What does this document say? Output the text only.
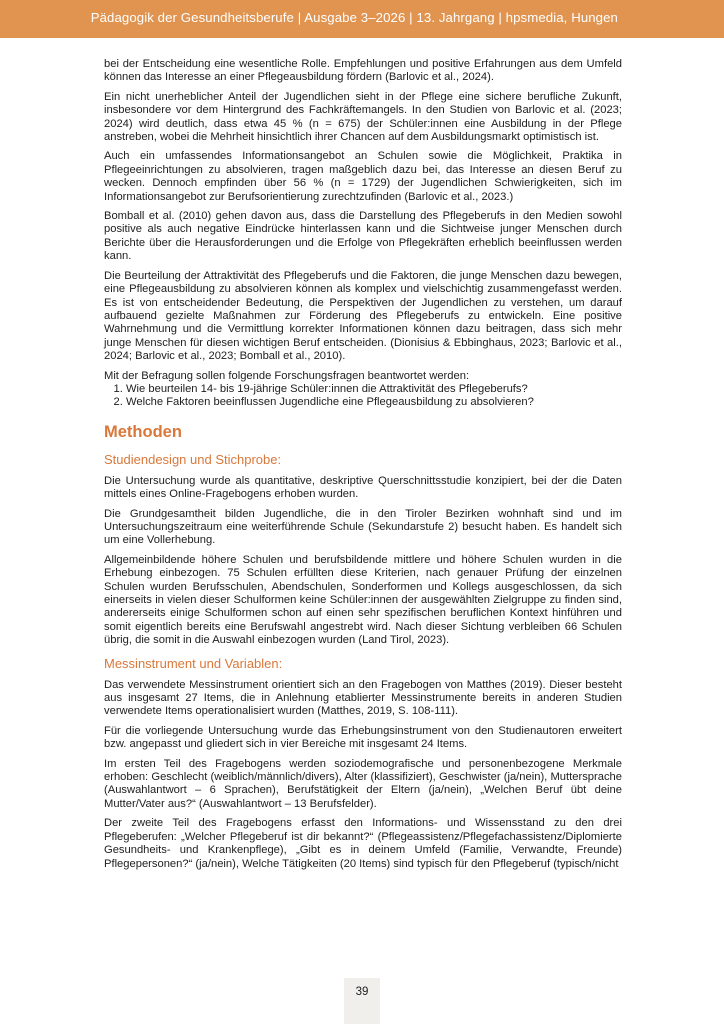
Pädagogik der Gesundheitsberufe | Ausgabe 3–2026 | 13. Jahrgang | hpsmedia, Hungen

bei der Entscheidung eine wesentliche Rolle. Empfehlungen und positive Erfahrungen aus dem Umfeld können das Interesse an einer Pflegeausbildung fördern (Barlovic et al., 2024).

Ein nicht unerheblicher Anteil der Jugendlichen sieht in der Pflege eine sichere berufliche Zukunft, insbesondere vor dem Hintergrund des Fachkräftemangels. In den Studien von Barlovic et al. (2023; 2024) wird deutlich, dass etwa 45 % (n = 675) der Schüler:innen eine Ausbildung in der Pflege anstreben, wobei die Mehrheit hinsichtlich ihrer Chancen auf dem Ausbildungsmarkt optimistisch ist.

Auch ein umfassendes Informationsangebot an Schulen sowie die Möglichkeit, Praktika in Pflegeeinrichtungen zu absolvieren, tragen maßgeblich dazu bei, das Interesse an diesen Beruf zu wecken. Dennoch empfinden über 56 % (n = 1729) der Jugendlichen Schwierigkeiten, sich im Informationsangebot zur Berufsorientierung zurechtzufinden (Barlovic et al., 2023.)

Bomball et al. (2010) gehen davon aus, dass die Darstellung des Pflegeberufs in den Medien sowohl positive als auch negative Eindrücke hinterlassen kann und die Sichtweise junger Menschen durch Berichte über die Herausforderungen und die Erfolge von Pflegekräften erheblich beeinflussen werden kann.

Die Beurteilung der Attraktivität des Pflegeberufs und die Faktoren, die junge Menschen dazu bewegen, eine Pflegeausbildung zu absolvieren können als komplex und vielschichtig zusammengefasst werden. Es ist von entscheidender Bedeutung, die Perspektiven der Jugendlichen zu verstehen, um darauf aufbauend gezielte Maßnahmen zur Förderung des Pflegeberufs zu entwickeln. Eine positive Wahrnehmung und die Vermittlung korrekter Informationen können dazu beitragen, dass sich mehr junge Menschen für diesen wichtigen Beruf entscheiden. (Dionisius & Ebbinghaus, 2023; Barlovic et al., 2024; Barlovic et al., 2023; Bomball et al., 2010).

Mit der Befragung sollen folgende Forschungsfragen beantwortet werden:

1. Wie beurteilen 14- bis 19-jährige Schüler:innen die Attraktivität des Pflegeberufs?
2. Welche Faktoren beeinflussen Jugendliche eine Pflegeausbildung zu absolvieren?
Methoden
Studiendesign und Stichprobe:

Die Untersuchung wurde als quantitative, deskriptive Querschnittsstudie konzipiert, bei der die Daten mittels eines Online-Fragebogens erhoben wurden.

Die Grundgesamtheit bilden Jugendliche, die in den Tiroler Bezirken wohnhaft sind und im Untersuchungszeitraum eine weiterführende Schule (Sekundarstufe 2) besucht haben. Es handelt sich um eine Vollerhebung.

Allgemeinbildende höhere Schulen und berufsbildende mittlere und höhere Schulen wurden in die Erhebung einbezogen. 75 Schulen erfüllten diese Kriterien, nach genauer Prüfung der einzelnen Schulen wurden Berufsschulen, Abendschulen, Sonderformen und Kollegs ausgeschlossen, da sich einerseits in vielen dieser Schulformen keine Schüler:innen der ausgewählten Zielgruppe zu finden sind, andererseits einige Schulformen schon auf einen sehr spezifischen beruflichen Kontext hinführen und somit eigentlich bereits eine Berufswahl angestrebt wird. Nach dieser Sichtung verbleiben 66 Schulen übrig, die somit in die Auswahl einbezogen wurden (Land Tirol, 2023).

Messinstrument und Variablen:

Das verwendete Messinstrument orientiert sich an den Fragebogen von Matthes (2019). Dieser besteht aus insgesamt 27 Items, die in Anlehnung etablierter Messinstrumente bereits in anderen Studien verwendete Items operationalisiert wurden (Matthes, 2019, S. 108-111).

Für die vorliegende Untersuchung wurde das Erhebungsinstrument von den Studienautoren erweitert bzw. angepasst und gliedert sich in vier Bereiche mit insgesamt 24 Items.

Im ersten Teil des Fragebogens werden soziodemografische und personenbezogene Merkmale erhoben: Geschlecht (weiblich/männlich/divers), Alter (klassifiziert), Geschwister (ja/nein), Muttersprache (Auswahlantwort – 6 Sprachen), Berufstätigkeit der Eltern (ja/nein), „Welchen Beruf übt deine Mutter/Vater aus?“ (Auswahlantwort – 13 Berufsfelder).

Der zweite Teil des Fragebogens erfasst den Informations- und Wissensstand zu den drei Pflegeberufen: „Welcher Pflegeberuf ist dir bekannt?“ (Pflegeassistenz/Pflegefachassistenz/Diplomierte Gesundheits- und Krankenpflege), „Gibt es in deinem Umfeld (Familie, Verwandte, Freunde) Pflegepersonen?“ (ja/nein), Welche Tätigkeiten (20 Items) sind typisch für den Pflegeberuf (typisch/nicht

39
